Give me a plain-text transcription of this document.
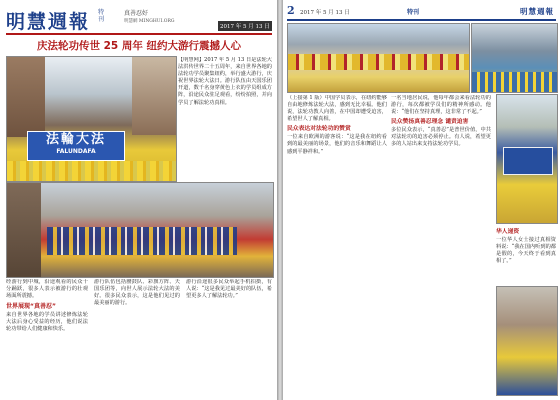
明慧週報 特刊
真善忍好
明慧網 MINGHUI.ORG
2017 年 5 月 13 日
庆法轮功传世 25 周年 纽约大游行震撼人心
法輪大法
FALUNDAFA
【明慧网】2017 年 5 月 13 日是法轮大法洪传世界二十五周年，来自世界各地的法轮功学员聚集纽约，举行盛大游行，庆祝世界法轮大法日。游行队伍由天国乐团开道，数千名身穿黄色上衣的学员组成方阵，沿途民众驻足观看，纷纷拍照，并向学员了解法轮功真相。
经游行到中城，沿途观看的民众十分踊跃，很多人表示被游行的壮观场面所震撼。
世界展现“真善忍”
来自世界各地的学员讲述修炼法轮大法后身心受益的经历，他们说法轮功带给人们健康和快乐。
游行队伍包括腰鼓队、彩旗方阵、天国乐团等，向世人展示法轮大法的美好。很多民众表示，这是他们见过的最美丽的游行。
游行沿途很多民众举起手机拍摄，有人说：“这是我见过最美好的队伍，希望更多人了解法轮功。”
2 2017 年 5 月 13 日	特刊	明慧週報
（上接第 1 版）中国学员表示，在纽约能够自由地修炼法轮大法，感到无比幸福。他们说，法轮功教人向善，在中国却遭受迫害，希望世人了解真相。
民众表达对法轮功的赞赏
一位来自欧洲的游客说：“这是我在纽约看到的最美丽的场景，他们的音乐和舞蹈让人感到平静祥和。”
一名当地居民说，他每年都会来看法轮功的游行，每次都被学员们的精神所感动。他说：“他们在坚持真理，这非常了不起。”
民众赞扬真善忍理念 谴责迫害
多位民众表示，“真善忍”是普世价值，中共对法轮功的迫害必须停止。有人说，希望更多的人站出来支持法轮功学员。
华人递资
一位华人女士接过真相资料说：“我在国内听到的都是假的，今天终于看到真相了。”
